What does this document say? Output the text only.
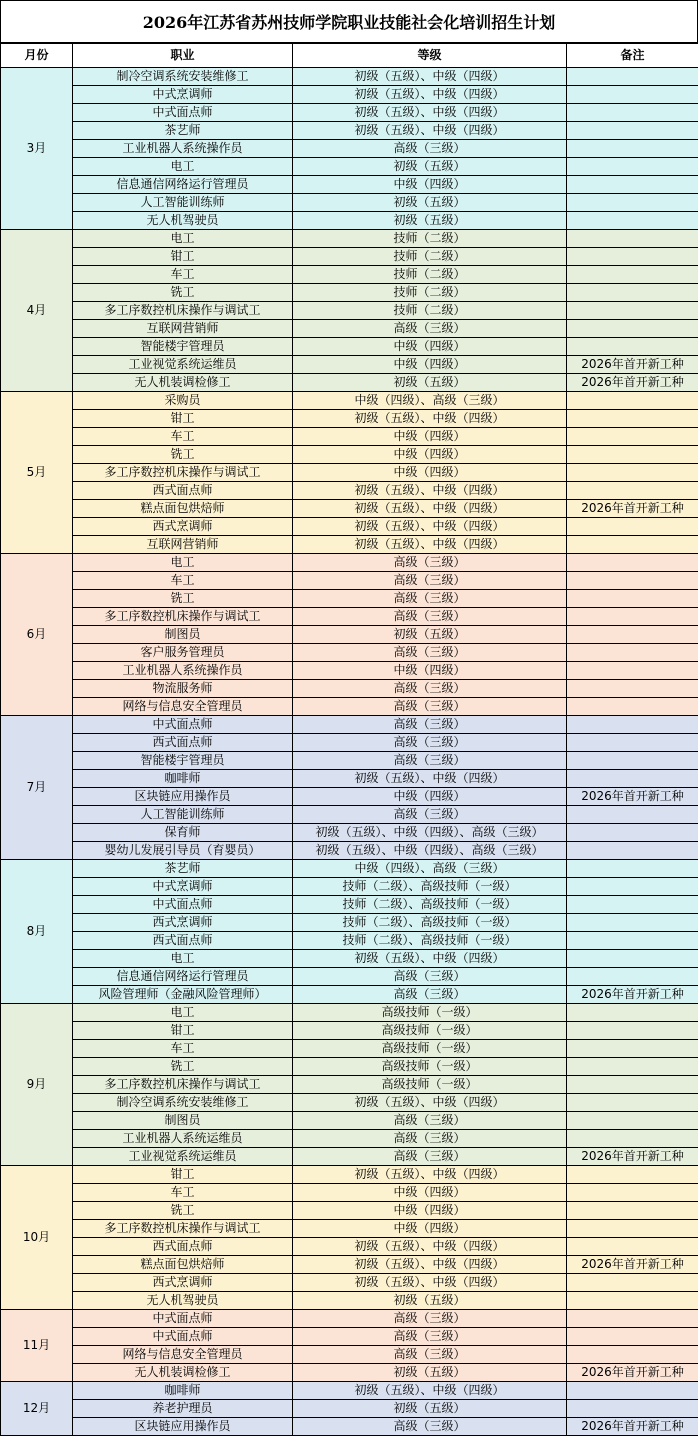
2026年江苏省苏州技师学院职业技能社会化培训招生计划
月份	职业	等级	备注
3月	制冷空调系统安装维修工	初级（五级）、中级（四级）	
	中式烹调师	初级（五级）、中级（四级）	
	中式面点师	初级（五级）、中级（四级）	
	茶艺师	初级（五级）、中级（四级）	
	工业机器人系统操作员	高级（三级）	
	电工	初级（五级）	
	信息通信网络运行管理员	中级（四级）	
	人工智能训练师	初级（五级）	
	无人机驾驶员	初级（五级）	
4月	电工	技师（二级）	
	钳工	技师（二级）	
	车工	技师（二级）	
	铣工	技师（二级）	
	多工序数控机床操作与调试工	技师（二级）	
	互联网营销师	高级（三级）	
	智能楼宇管理员	中级（四级）	
	工业视觉系统运维员	中级（四级）	2026年首开新工种
	无人机装调检修工	初级（五级）	2026年首开新工种
5月	采购员	中级（四级）、高级（三级）	
	钳工	初级（五级）、中级（四级）	
	车工	中级（四级）	
	铣工	中级（四级）	
	多工序数控机床操作与调试工	中级（四级）	
	西式面点师	初级（五级）、中级（四级）	
	糕点面包烘焙师	初级（五级）、中级（四级）	2026年首开新工种
	西式烹调师	初级（五级）、中级（四级）	
	互联网营销师	初级（五级）、中级（四级）	
6月	电工	高级（三级）	
	车工	高级（三级）	
	铣工	高级（三级）	
	多工序数控机床操作与调试工	高级（三级）	
	制图员	初级（五级）	
	客户服务管理员	高级（三级）	
	工业机器人系统操作员	中级（四级）	
	物流服务师	高级（三级）	
	网络与信息安全管理员	高级（三级）	
7月	中式面点师	高级（三级）	
	西式面点师	高级（三级）	
	智能楼宇管理员	高级（三级）	
	咖啡师	初级（五级）、中级（四级）	
	区块链应用操作员	中级（四级）	2026年首开新工种
	人工智能训练师	高级（三级）	
	保育师	初级（五级）、中级（四级）、高级（三级）	
	婴幼儿发展引导员（育婴员）	初级（五级）、中级（四级）、高级（三级）	
8月	茶艺师	中级（四级）、高级（三级）	
	中式烹调师	技师（二级）、高级技师（一级）	
	中式面点师	技师（二级）、高级技师（一级）	
	西式烹调师	技师（二级）、高级技师（一级）	
	西式面点师	技师（二级）、高级技师（一级）	
	电工	初级（五级）、中级（四级）	
	信息通信网络运行管理员	高级（三级）	
	风险管理师（金融风险管理师）	高级（三级）	2026年首开新工种
9月	电工	高级技师（一级）	
	钳工	高级技师（一级）	
	车工	高级技师（一级）	
	铣工	高级技师（一级）	
	多工序数控机床操作与调试工	高级技师（一级）	
	制冷空调系统安装维修工	初级（五级）、中级（四级）	
	制图员	高级（三级）	
	工业机器人系统运维员	高级（三级）	
	工业视觉系统运维员	高级（三级）	2026年首开新工种
10月	钳工	初级（五级）、中级（四级）	
	车工	中级（四级）	
	铣工	中级（四级）	
	多工序数控机床操作与调试工	中级（四级）	
	西式面点师	初级（五级）、中级（四级）	
	糕点面包烘焙师	初级（五级）、中级（四级）	2026年首开新工种
	西式烹调师	初级（五级）、中级（四级）	
	无人机驾驶员	初级（五级）	
11月	中式面点师	高级（三级）	
	中式面点师	高级（三级）	
	网络与信息安全管理员	高级（三级）	
	无人机装调检修工	初级（五级）	2026年首开新工种
12月	咖啡师	初级（五级）、中级（四级）	
	养老护理员	初级（五级）	
	区块链应用操作员	高级（三级）	2026年首开新工种
